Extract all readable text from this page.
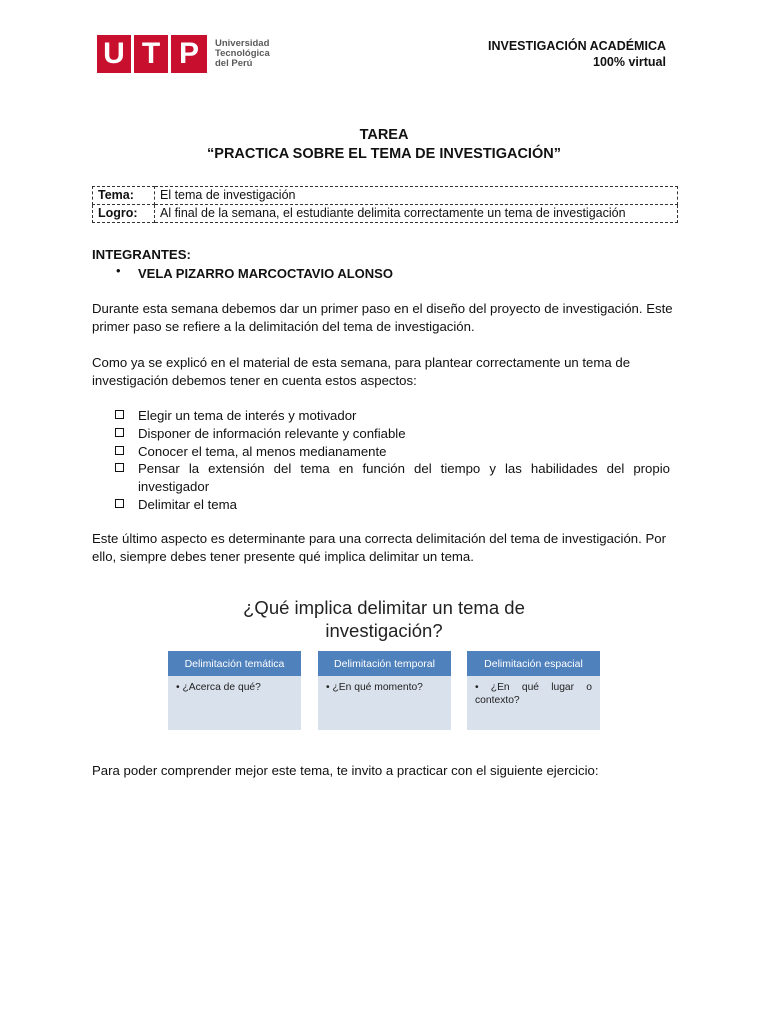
U T P	Universidad
Tecnológica
del Perú
INVESTIGACIÓN ACADÉMICA
100% virtual
TAREA
“PRACTICA SOBRE EL TEMA DE INVESTIGACIÓN”
Tema:	El tema de investigación
Logro:	Al final de la semana, el estudiante delimita correctamente un tema de investigación
INTEGRANTES:
• VELA PIZARRO MARCOCTAVIO ALONSO
Durante esta semana debemos dar un primer paso en el diseño del proyecto de investigación. Este primer paso se refiere a la delimitación del tema de investigación.
Como ya se explicó en el material de esta semana, para plantear correctamente un tema de investigación debemos tener en cuenta estos aspectos:
Elegir un tema de interés y motivador
Disponer de información relevante y confiable
Conocer el tema, al menos medianamente
Pensar la extensión del tema en función del tiempo y las habilidades del propio investigador
Delimitar el tema
Este último aspecto es determinante para una correcta delimitación del tema de investigación. Por ello, siempre debes tener presente qué implica delimitar un tema.
¿Qué implica delimitar un tema de
investigación?
Delimitación temática
• ¿Acerca de qué?
Delimitación temporal
• ¿En qué momento?
Delimitación espacial
• ¿En qué lugar o contexto?
Para poder comprender mejor este tema, te invito a practicar con el siguiente ejercicio:
